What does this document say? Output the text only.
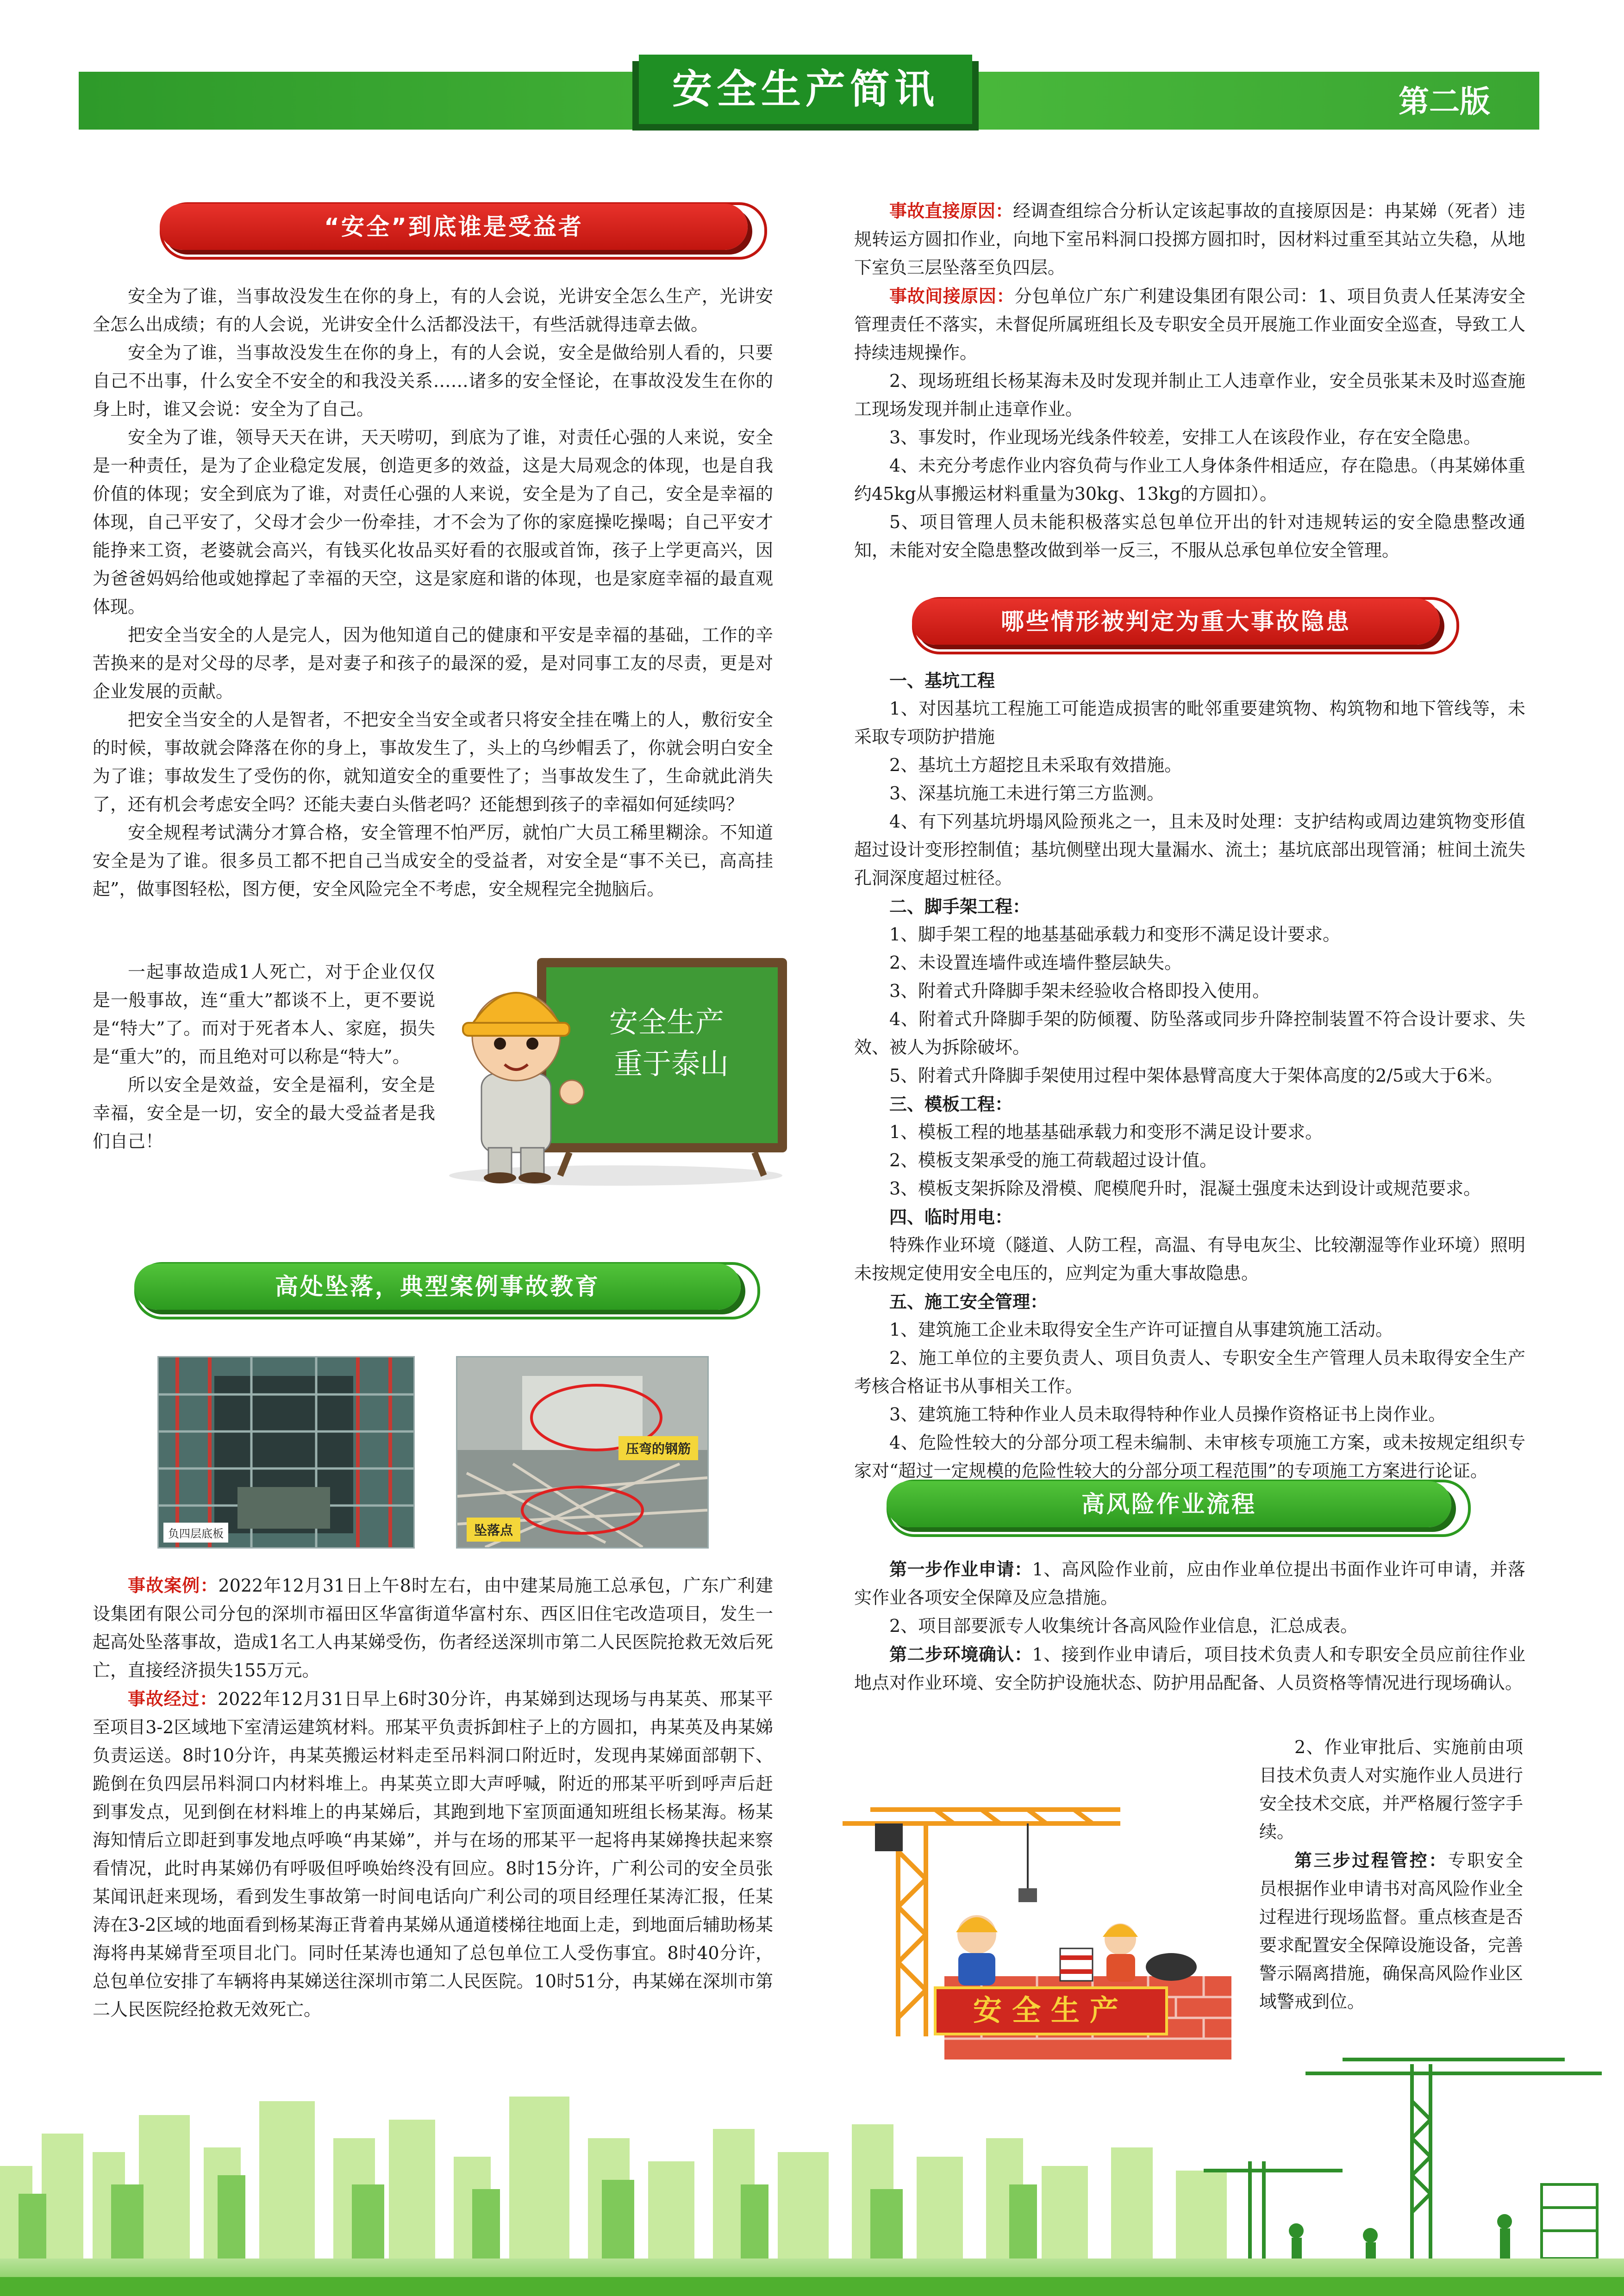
安全生产简讯	第二版
“安全”到底谁是受益者

安全为了谁，当事故没发生在你的身上，有的人会说，光讲安全怎么生产，光讲安全怎么出成绩；有的人会说，光讲安全什么活都没法干，有些活就得违章去做。

安全为了谁，当事故没发生在你的身上，有的人会说，安全是做给别人看的，只要自己不出事，什么安全不安全的和我没关系……诸多的安全怪论，在事故没发生在你的身上时，谁又会说：安全为了自己。

安全为了谁，领导天天在讲，天天唠叨，到底为了谁，对责任心强的人来说，安全是一种责任，是为了企业稳定发展，创造更多的效益，这是大局观念的体现，也是自我价值的体现；安全到底为了谁，对责任心强的人来说，安全是为了自己，安全是幸福的体现，自己平安了，父母才会少一份牵挂，才不会为了你的家庭操吃操喝；自己平安才能挣来工资，老婆就会高兴，有钱买化妆品买好看的衣服或首饰，孩子上学更高兴，因为爸爸妈妈给他或她撑起了幸福的天空，这是家庭和谐的体现，也是家庭幸福的最直观体现。

把安全当安全的人是完人，因为他知道自己的健康和平安是幸福的基础，工作的辛苦换来的是对父母的尽孝，是对妻子和孩子的最深的爱，是对同事工友的尽责，更是对企业发展的贡献。

把安全当安全的人是智者，不把安全当安全或者只将安全挂在嘴上的人，敷衍安全的时候，事故就会降落在你的身上，事故发生了，头上的乌纱帽丢了，你就会明白安全为了谁；事故发生了受伤的你，就知道安全的重要性了；当事故发生了，生命就此消失了，还有机会考虑安全吗？还能夫妻白头偕老吗？还能想到孩子的幸福如何延续吗？

安全规程考试满分才算合格，安全管理不怕严厉，就怕广大员工稀里糊涂。不知道安全是为了谁。很多员工都不把自己当成安全的受益者，对安全是“事不关已，高高挂起”，做事图轻松，图方便，安全风险完全不考虑，安全规程完全抛脑后。

一起事故造成1人死亡，对于企业仅仅是一般事故，连“重大”都谈不上，更不要说是“特大”了。而对于死者本人、家庭，损失是“重大”的，而且绝对可以称是“特大”。

所以安全是效益，安全是福利，安全是幸福，安全是一切，安全的最大受益者是我们自己！

安全生产
重于泰山
高处坠落，典型案例事故教育
负四层底板
压弯的钢筋
坠落点

事故案例：2022年12月31日上午8时左右，由中建某局施工总承包，广东广利建设集团有限公司分包的深圳市福田区华富街道华富村东、西区旧住宅改造项目，发生一起高处坠落事故，造成1名工人冉某娣受伤，伤者经送深圳市第二人民医院抢救无效后死亡，直接经济损失155万元。

事故经过：2022年12月31日早上6时30分许，冉某娣到达现场与冉某英、邢某平至项目3-2区域地下室清运建筑材料。邢某平负责拆卸柱子上的方圆扣，冉某英及冉某娣负责运送。8时10分许，冉某英搬运材料走至吊料洞口附近时，发现冉某娣面部朝下、跪倒在负四层吊料洞口内材料堆上。冉某英立即大声呼喊，附近的邢某平听到呼声后赶到事发点，见到倒在材料堆上的冉某娣后，其跑到地下室顶面通知班组长杨某海。杨某海知情后立即赶到事发地点呼唤“冉某娣”，并与在场的邢某平一起将冉某娣搀扶起来察看情况，此时冉某娣仍有呼吸但呼唤始终没有回应。8时15分许，广利公司的安全员张某闻讯赶来现场，看到发生事故第一时间电话向广利公司的项目经理任某涛汇报，任某涛在3-2区域的地面看到杨某海正背着冉某娣从通道楼梯往地面上走，到地面后辅助杨某海将冉某娣背至项目北门。同时任某涛也通知了总包单位工人受伤事宜。8时40分许，总包单位安排了车辆将冉某娣送往深圳市第二人民医院。10时51分，冉某娣在深圳市第二人民医院经抢救无效死亡。

事故直接原因：经调查组综合分析认定该起事故的直接原因是：冉某娣（死者）违规转运方圆扣作业，向地下室吊料洞口投掷方圆扣时，因材料过重至其站立失稳，从地下室负三层坠落至负四层。

事故间接原因：分包单位广东广利建设集团有限公司：1、项目负责人任某涛安全管理责任不落实，未督促所属班组长及专职安全员开展施工作业面安全巡查，导致工人持续违规操作。

2、现场班组长杨某海未及时发现并制止工人违章作业，安全员张某未及时巡查施工现场发现并制止违章作业。

3、事发时，作业现场光线条件较差，安排工人在该段作业，存在安全隐患。

4、未充分考虑作业内容负荷与作业工人身体条件相适应，存在隐患。（冉某娣体重约45kg从事搬运材料重量为30kg、13kg的方圆扣）。

5、项目管理人员未能积极落实总包单位开出的针对违规转运的安全隐患整改通知，未能对安全隐患整改做到举一反三，不服从总承包单位安全管理。

哪些情形被判定为重大事故隐患

一、基坑工程

1、对因基坑工程施工可能造成损害的毗邻重要建筑物、构筑物和地下管线等，未采取专项防护措施

2、基坑土方超挖且未采取有效措施。

3、深基坑施工未进行第三方监测。

4、有下列基坑坍塌风险预兆之一，且未及时处理：支护结构或周边建筑物变形值超过设计变形控制值；基坑侧壁出现大量漏水、流土；基坑底部出现管涌；桩间土流失孔洞深度超过桩径。

二、脚手架工程：

1、脚手架工程的地基基础承载力和变形不满足设计要求。

2、未设置连墙件或连墙件整层缺失。

3、附着式升降脚手架未经验收合格即投入使用。

4、附着式升降脚手架的防倾覆、防坠落或同步升降控制装置不符合设计要求、失效、被人为拆除破坏。

5、附着式升降脚手架使用过程中架体悬臂高度大于架体高度的2/5或大于6米。

三、模板工程：

1、模板工程的地基基础承载力和变形不满足设计要求。

2、模板支架承受的施工荷载超过设计值。

3、模板支架拆除及滑模、爬模爬升时，混凝土强度未达到设计或规范要求。

四、临时用电：

特殊作业环境（隧道、人防工程，高温、有导电灰尘、比较潮湿等作业环境）照明未按规定使用安全电压的，应判定为重大事故隐患。

五、施工安全管理：

1、建筑施工企业未取得安全生产许可证擅自从事建筑施工活动。

2、施工单位的主要负责人、项目负责人、专职安全生产管理人员未取得安全生产考核合格证书从事相关工作。

3、建筑施工特种作业人员未取得特种作业人员操作资格证书上岗作业。

4、危险性较大的分部分项工程未编制、未审核专项施工方案，或未按规定组织专家对“超过一定规模的危险性较大的分部分项工程范围”的专项施工方案进行论证。

高风险作业流程

第一步作业申请：1、高风险作业前，应由作业单位提出书面作业许可申请，并落实作业各项安全保障及应急措施。

2、项目部要派专人收集统计各高风险作业信息，汇总成表。

第二步环境确认：1、接到作业申请后，项目技术负责人和专职安全员应前往作业地点对作业环境、安全防护设施状态、防护用品配备、人员资格等情况进行现场确认。

2、作业审批后、实施前由项目技术负责人对实施作业人员进行安全技术交底，并严格履行签字手续。

第三步过程管控：专职安全员根据作业申请书对高风险作业全过程进行现场监督。重点核查是否要求配置安全保障设施设备，完善警示隔离措施，确保高风险作业区域警戒到位。

安全生产
